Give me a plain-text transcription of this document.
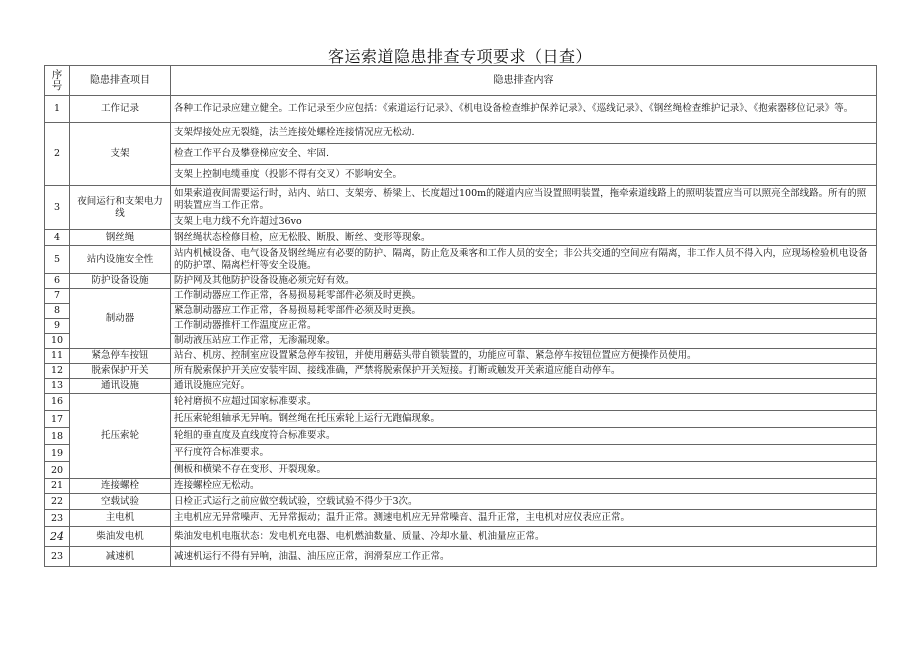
客运索道隐患排查专项要求（日查）
序号	隐患排查项目	隐患排查内容
1	工作记录	各种工作记录应建立健全。工作记录至少应包括：《索道运行记录》、《机电设备检查维护保养记录》、《巡线记录》、《钢丝绳检查维护记录》、《抱索器移位记录》等。
2	支架	支架焊接处应无裂缝，法兰连接处螺栓连接情况应无松动.
		检查工作平台及攀登梯应安全、牢固.
		支架上控制电缆垂度（投影不得有交叉）不影响安全。
3	夜间运行和支架电力线	如果索道夜间需要运行时，站内、站口、支架旁、桥梁上、长度超过100m的隧道内应当设置照明装置，拖牵索道线路上的照明装置应当可以照亮全部线路。所有的照明装置应当工作正常。
		支架上电力线不允许超过36vo
4	钢丝绳	钢丝绳状态检修目检，应无松股、断股、断丝、变形等现象。
5	站内设施安全性	站内机械设备、电气设备及钢丝绳应有必要的防护、隔离，防止危及乘客和工作人员的安全；非公共交通的空间应有隔离，非工作人员不得入内，应现场检验机电设备的防护罩、隔离栏杆等安全设施。
6	防护设备设施	防护网及其他防护设备设施必须完好有效。
7	制动器	工作制动器应工作正常，各易损易耗零部件必须及时更换。
8		紧急制动器应工作正常，各易损易耗零部件必须及时更换。
9		工作制动器推杆工作温度应正常。
10		制动液压站应工作正常，无渗漏现象。
11	紧急停车按钮	站台、机房、控制室应设置紧急停车按钮，并使用蘑菇头带自锁装置的，功能应可靠、紧急停车按钮位置应方便操作员使用。
12	脱索保护开关	所有脱索保护开关应安装牢固、接线准确，严禁将脱索保护开关短接。打断或触发开关索道应能自动停车。
13	通讯设施	通讯设施应完好。
16	托压索轮	轮衬磨损不应超过国家标准要求。
17		托压索轮组轴承无异响。钢丝绳在托压索轮上运行无跑偏现象。
18		轮组的垂直度及直线度符合标准要求。
19		平行度符合标准要求。
20		侧板和横梁不存在变形、开裂现象。
21	连接螺栓	连接螺栓应无松动。
22	空载试验	日检正式运行之前应做空载试验，空载试验不得少于3次。
23	主电机	主电机应无异常噪声、无异常振动；温升正常。测速电机应无异常噪音、温升正常，主电机对应仪表应正常。
24	柴油发电机	柴油发电机电瓶状态：发电机充电器、电机燃油数量、质量、冷却水量、机油量应正常。
23	减速机	减速机运行不得有异响，油温、油压应正常，润滑泵应工作正常。
